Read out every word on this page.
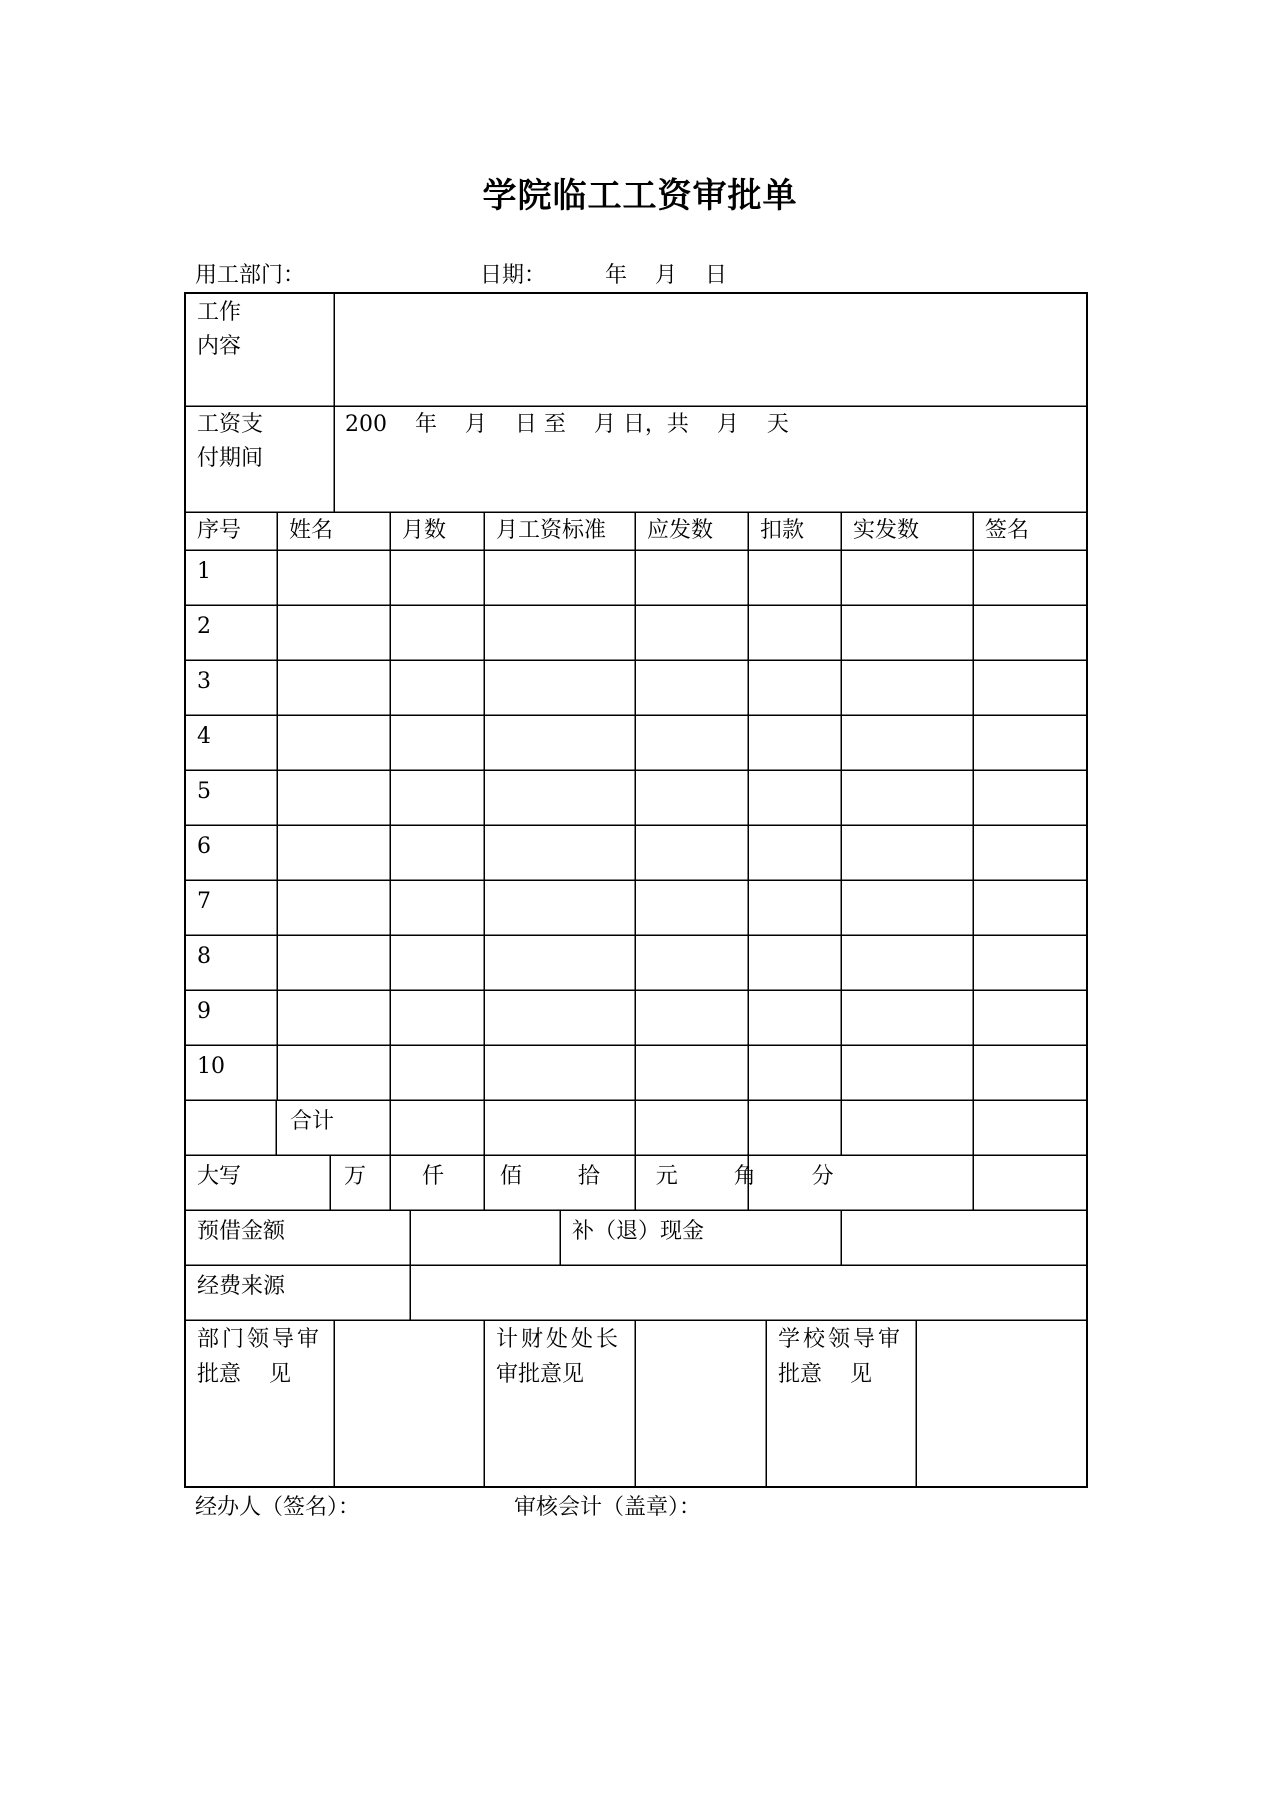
学院临工工资审批单
用工部门：	日期：	年    月    日
工作
内容
工资支
付期间
200    年    月    日 至    月 日，共    月    天
序号 姓名	月数 月工资标准 应发数 扣款 实发数	签名
1
2
3
4
5
6
7
8
9
10
合计
大写	万        仟        佰        拾        元        角        分
预借金额	补（退）现金
经费来源
部门领导审
批意    见
计财处处长
审批意见
学校领导审
批意    见
经办人（签名）：	审核会计（盖章）：
